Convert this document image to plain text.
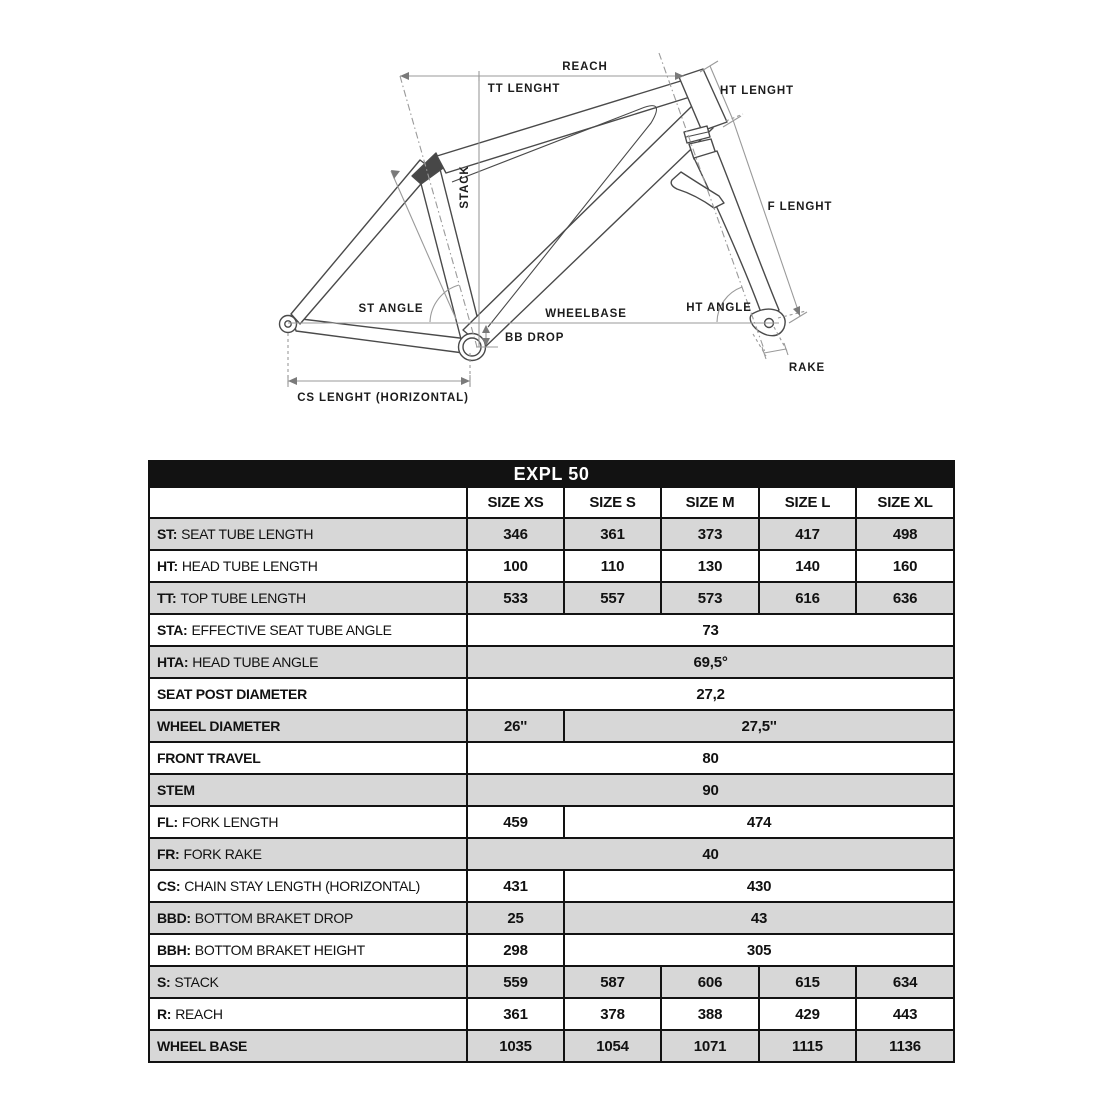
REACH
TT LENGHT	HT LENGHT
STACK	F LENGHT
ST ANGLE	WHEELBASE
BB DROP
HT ANGLE
RAKE
CS LENGHT (HORIZONTAL)
EXPL 50					
	SIZE XS	SIZE S	SIZE M	SIZE L	SIZE XL
ST: SEAT TUBE LENGTH	346	361	373	417	498
HT: HEAD TUBE LENGTH	100	110	130	140	160
TT: TOP TUBE LENGTH	533	557	573	616	636
STA: EFFECTIVE SEAT TUBE ANGLE	73				
HTA: HEAD TUBE ANGLE	69,5°				
SEAT POST DIAMETER	27,2				
WHEEL DIAMETER	26''	27,5''			
FRONT TRAVEL	80				
STEM	90				
FL: FORK LENGTH	459	474			
FR: FORK RAKE	40				
CS: CHAIN STAY LENGTH (HORIZONTAL)	431	430			
BBD: BOTTOM BRAKET DROP	25	43			
BBH: BOTTOM BRAKET HEIGHT	298	305			
S: STACK	559	587	606	615	634
R: REACH	361	378	388	429	443
WHEEL BASE	1035	1054	1071	1115	1136
